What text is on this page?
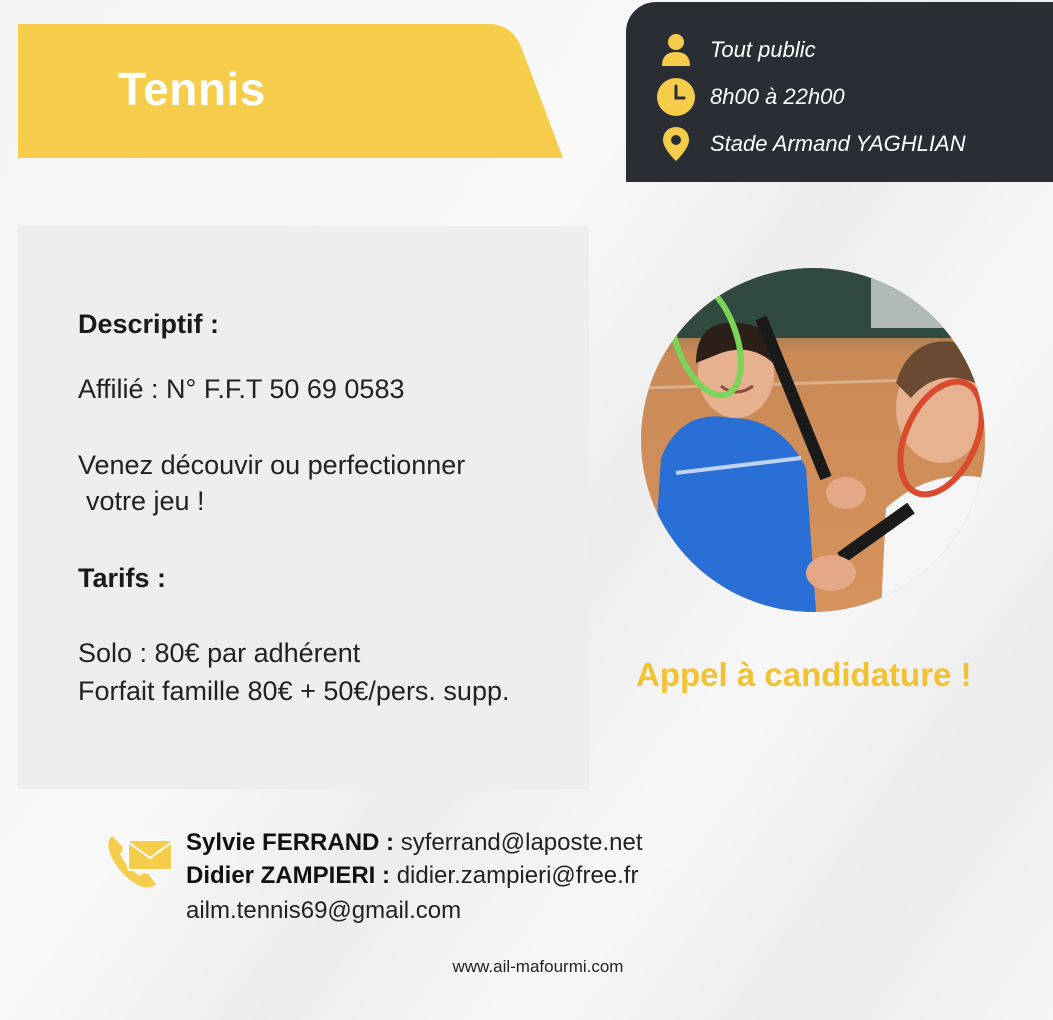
Tennis
Tout public
8h00 à 22h00
Stade Armand YAGHLIAN
Descriptif :
Affilié : N° F.F.T 50 69 0583
Venez découvir ou perfectionner
votre jeu !
Tarifs :
Solo : 80€ par adhérent
Forfait famille 80€ + 50€/pers. supp.	Appel à candidature !
Sylvie FERRAND : syferrand@laposte.net
Didier ZAMPIERI : didier.zampieri@free.fr
ailm.tennis69@gmail.com
www.ail-mafourmi.com
